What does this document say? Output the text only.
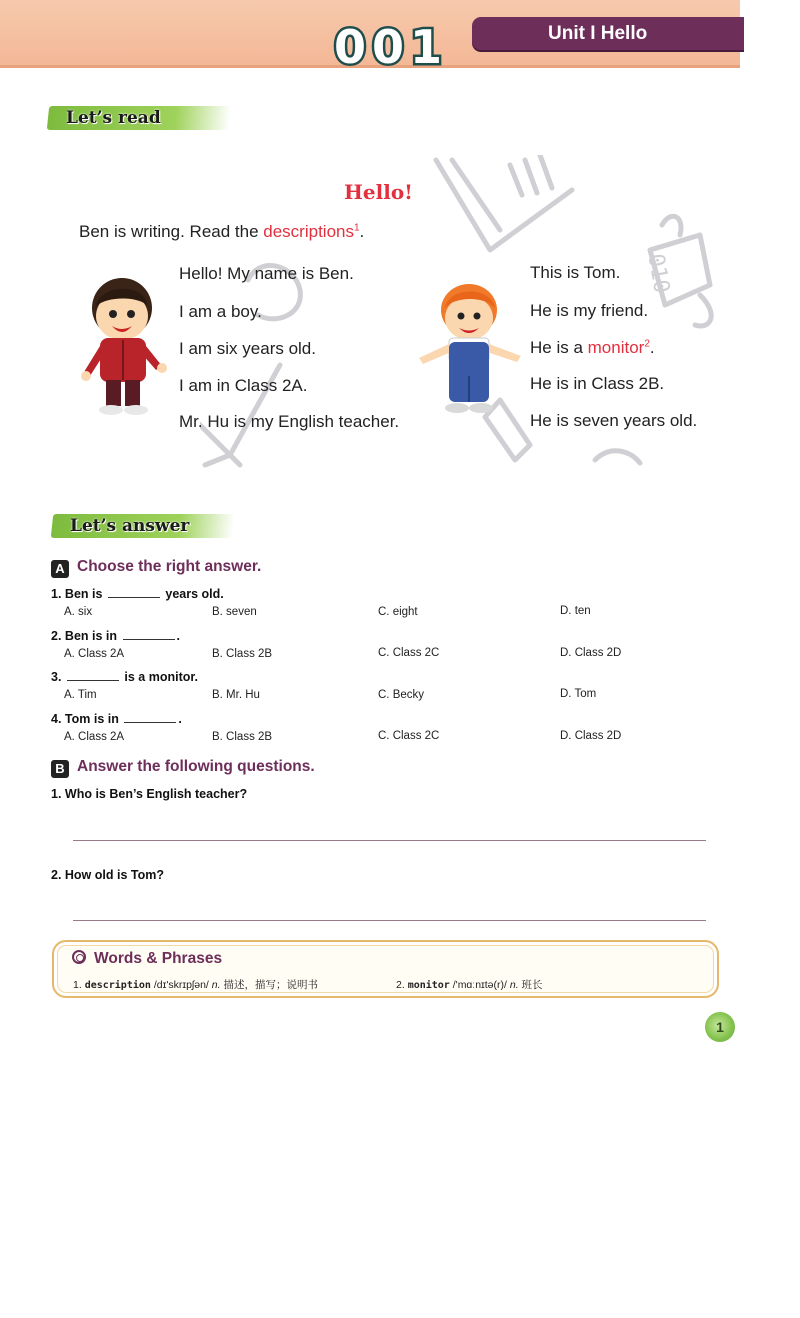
001	Unit I Hello
Let’s read
010
Hello!
Ben is writing. Read the descriptions$^1$.
Hello! My name is Ben.
I am a boy.
I am six years old.
I am in Class 2A.
Mr. Hu is my English teacher.
This is Tom.
He is my friend.
He is a monitor$^2$.
He is in Class 2B.
He is seven years old.
Let’s answer
A Choose the right answer.
1. Ben is	years old.
A. six	B. seven	C. eight	D. ten
2. Ben is in	.
A. Class 2A	B. Class 2B	C. Class 2C	D. Class 2D
3.	is a monitor.
A. Tim	B. Mr. Hu	C. Becky	D. Tom
4. Tom is in	.
A. Class 2A	B. Class 2B	C. Class 2C	D. Class 2D
B Answer the following questions.
1. Who is Ben’s English teacher?
2. How old is Tom?
Words & Phrases
1. description /dɪ'skrɪpʃən/ n. 描述，描写；说明书	2. monitor /'mɑːnɪtə(r)/ n. 班长
1
